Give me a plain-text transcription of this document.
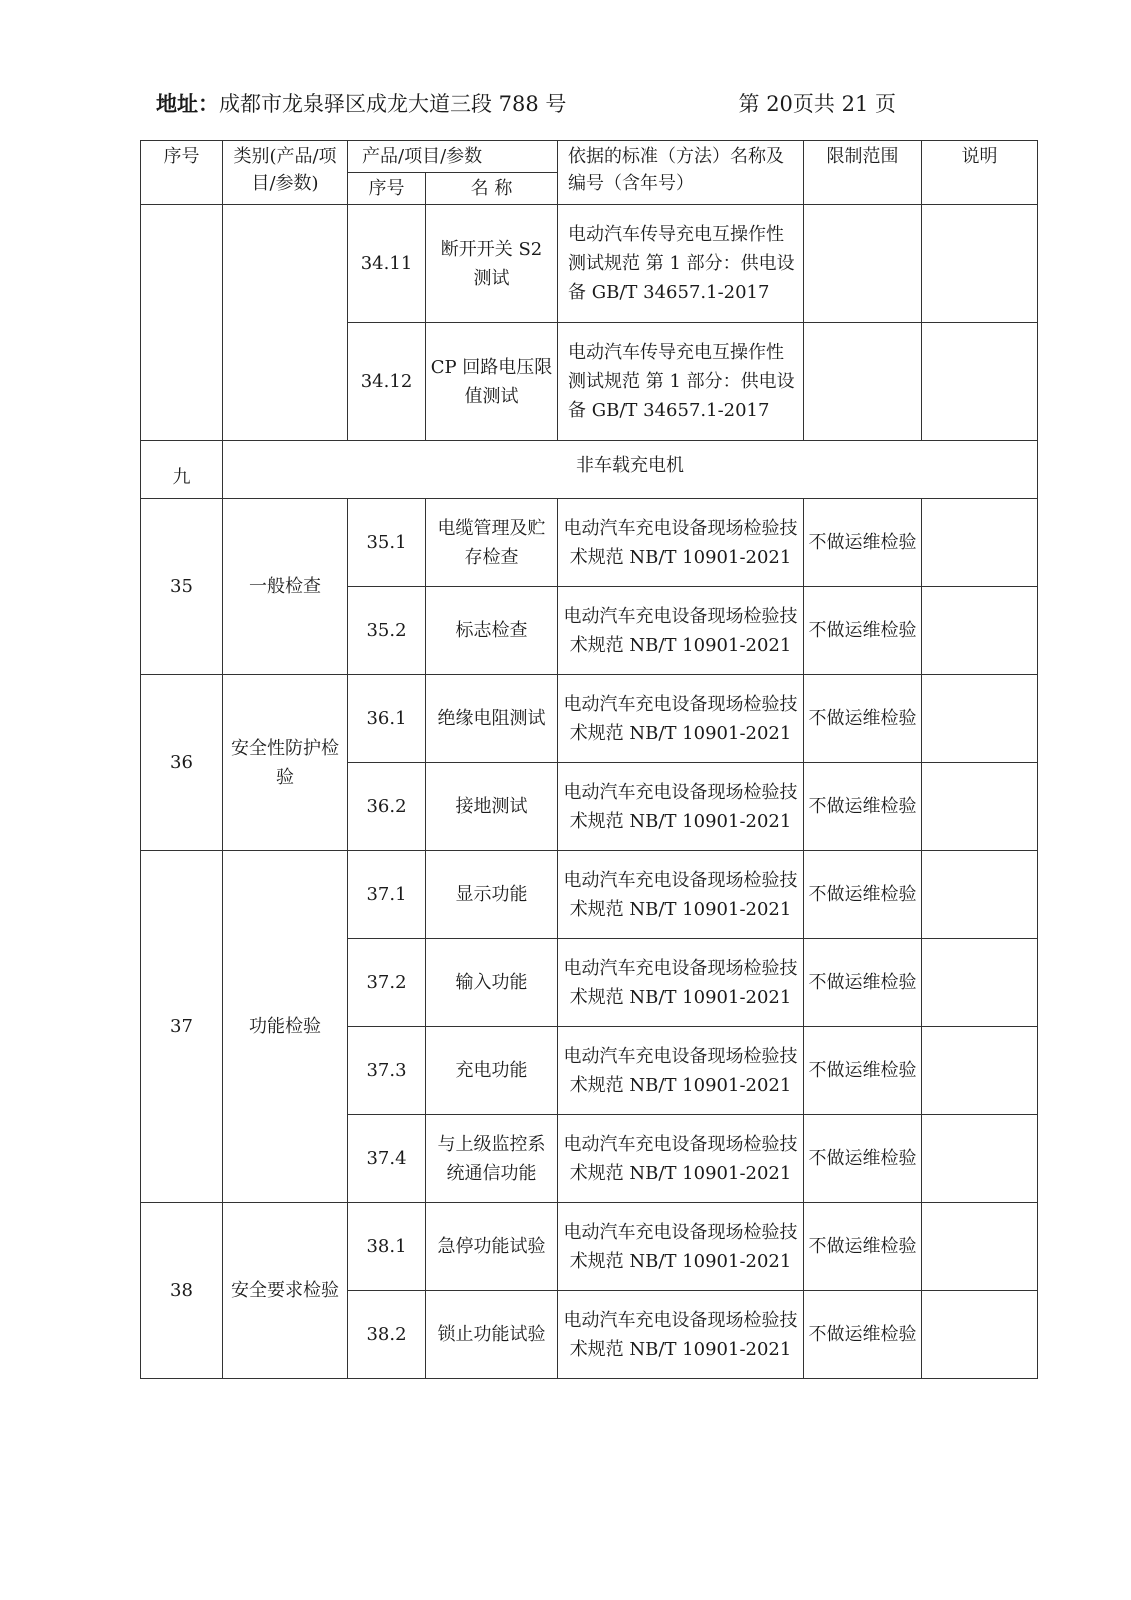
地址：成都市龙泉驿区成龙大道三段 788 号	第 20页共 21 页
序号	类别(产品/项目/参数)	产品/项目/参数		依据的标准（方法）名称及编号（含年号）	限制范围	说明
		序号	名 称			
		34.11	断开开关 S2 测试	电动汽车传导充电互操作性测试规范 第 1 部分：供电设备 GB/T 34657.1-2017		
		34.12	CP 回路电压限值测试	电动汽车传导充电互操作性测试规范 第 1 部分：供电设备 GB/T 34657.1-2017		
九	非车载充电机					
35	一般检查	35.1	电缆管理及贮存检查	电动汽车充电设备现场检验技术规范 NB/T 10901-2021	不做运维检验	
		35.2	标志检查	电动汽车充电设备现场检验技术规范 NB/T 10901-2021	不做运维检验	
36	安全性防护检验	36.1	绝缘电阻测试	电动汽车充电设备现场检验技术规范 NB/T 10901-2021	不做运维检验	
		36.2	接地测试	电动汽车充电设备现场检验技术规范 NB/T 10901-2021	不做运维检验	
37	功能检验	37.1	显示功能	电动汽车充电设备现场检验技术规范 NB/T 10901-2021	不做运维检验	
		37.2	输入功能	电动汽车充电设备现场检验技术规范 NB/T 10901-2021	不做运维检验	
		37.3	充电功能	电动汽车充电设备现场检验技术规范 NB/T 10901-2021	不做运维检验	
		37.4	与上级监控系统通信功能	电动汽车充电设备现场检验技术规范 NB/T 10901-2021	不做运维检验	
38	安全要求检验	38.1	急停功能试验	电动汽车充电设备现场检验技术规范 NB/T 10901-2021	不做运维检验	
		38.2	锁止功能试验	电动汽车充电设备现场检验技术规范 NB/T 10901-2021	不做运维检验	
